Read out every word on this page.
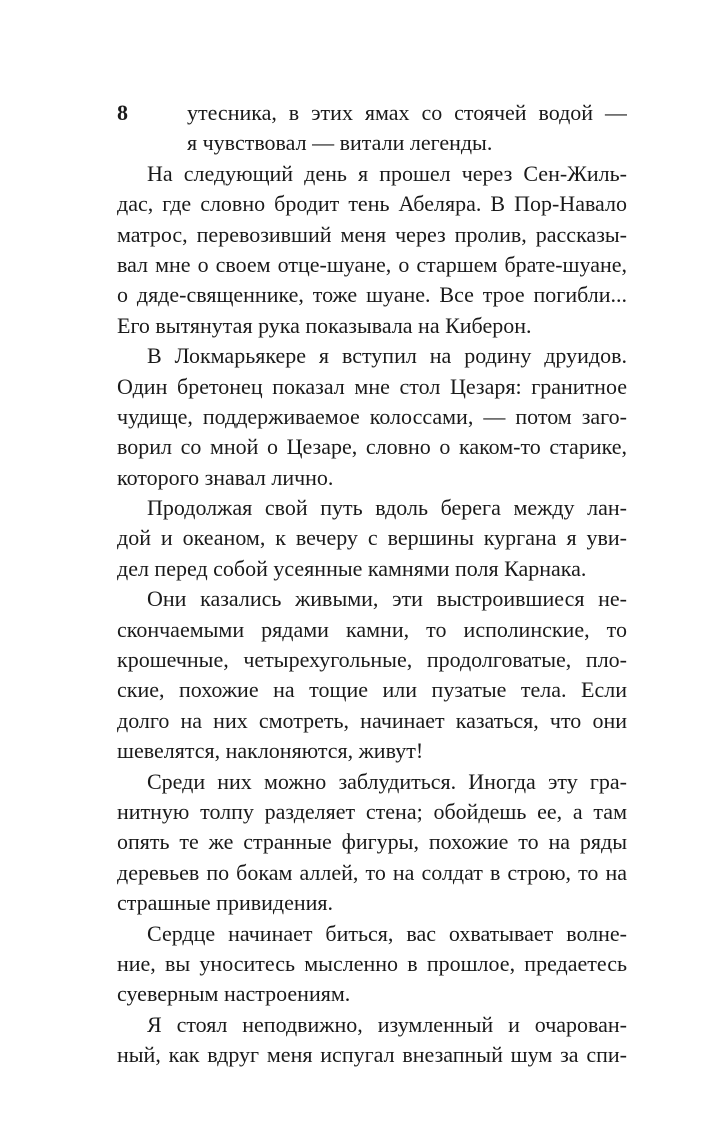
8	утесника, в этих ямах со стоячей водой —
я чувствовал — витали легенды.
На следующий день я прошел через Сен-Жиль-
дас, где словно бродит тень Абеляра. В Пор-Навало
матрос, перевозивший меня через пролив, рассказы-
вал мне о своем отце-шуане, о старшем брате-шуане,
о дяде-священнике, тоже шуане. Все трое погибли...
Его вытянутая рука показывала на Киберон.
В Локмарьякере я вступил на родину друидов.
Один бретонец показал мне стол Цезаря: гранитное
чудище, поддерживаемое колоссами, — потом заго-
ворил со мной о Цезаре, словно о каком-то старике,
которого знавал лично.
Продолжая свой путь вдоль берега между лан-
дой и океаном, к вечеру с вершины кургана я уви-
дел перед собой усеянные камнями поля Карнака.
Они казались живыми, эти выстроившиеся не-
скончаемыми рядами камни, то исполинские, то
крошечные, четырехугольные, продолговатые, пло-
ские, похожие на тощие или пузатые тела. Если
долго на них смотреть, начинает казаться, что они
шевелятся, наклоняются, живут!
Среди них можно заблудиться. Иногда эту гра-
нитную толпу разделяет стена; обойдешь ее, а там
опять те же странные фигуры, похожие то на ряды
деревьев по бокам аллей, то на солдат в строю, то на
страшные привидения.
Сердце начинает биться, вас охватывает волне-
ние, вы уноситесь мысленно в прошлое, предаетесь
суеверным настроениям.
Я стоял неподвижно, изумленный и очарован-
ный, как вдруг меня испугал внезапный шум за спи-
